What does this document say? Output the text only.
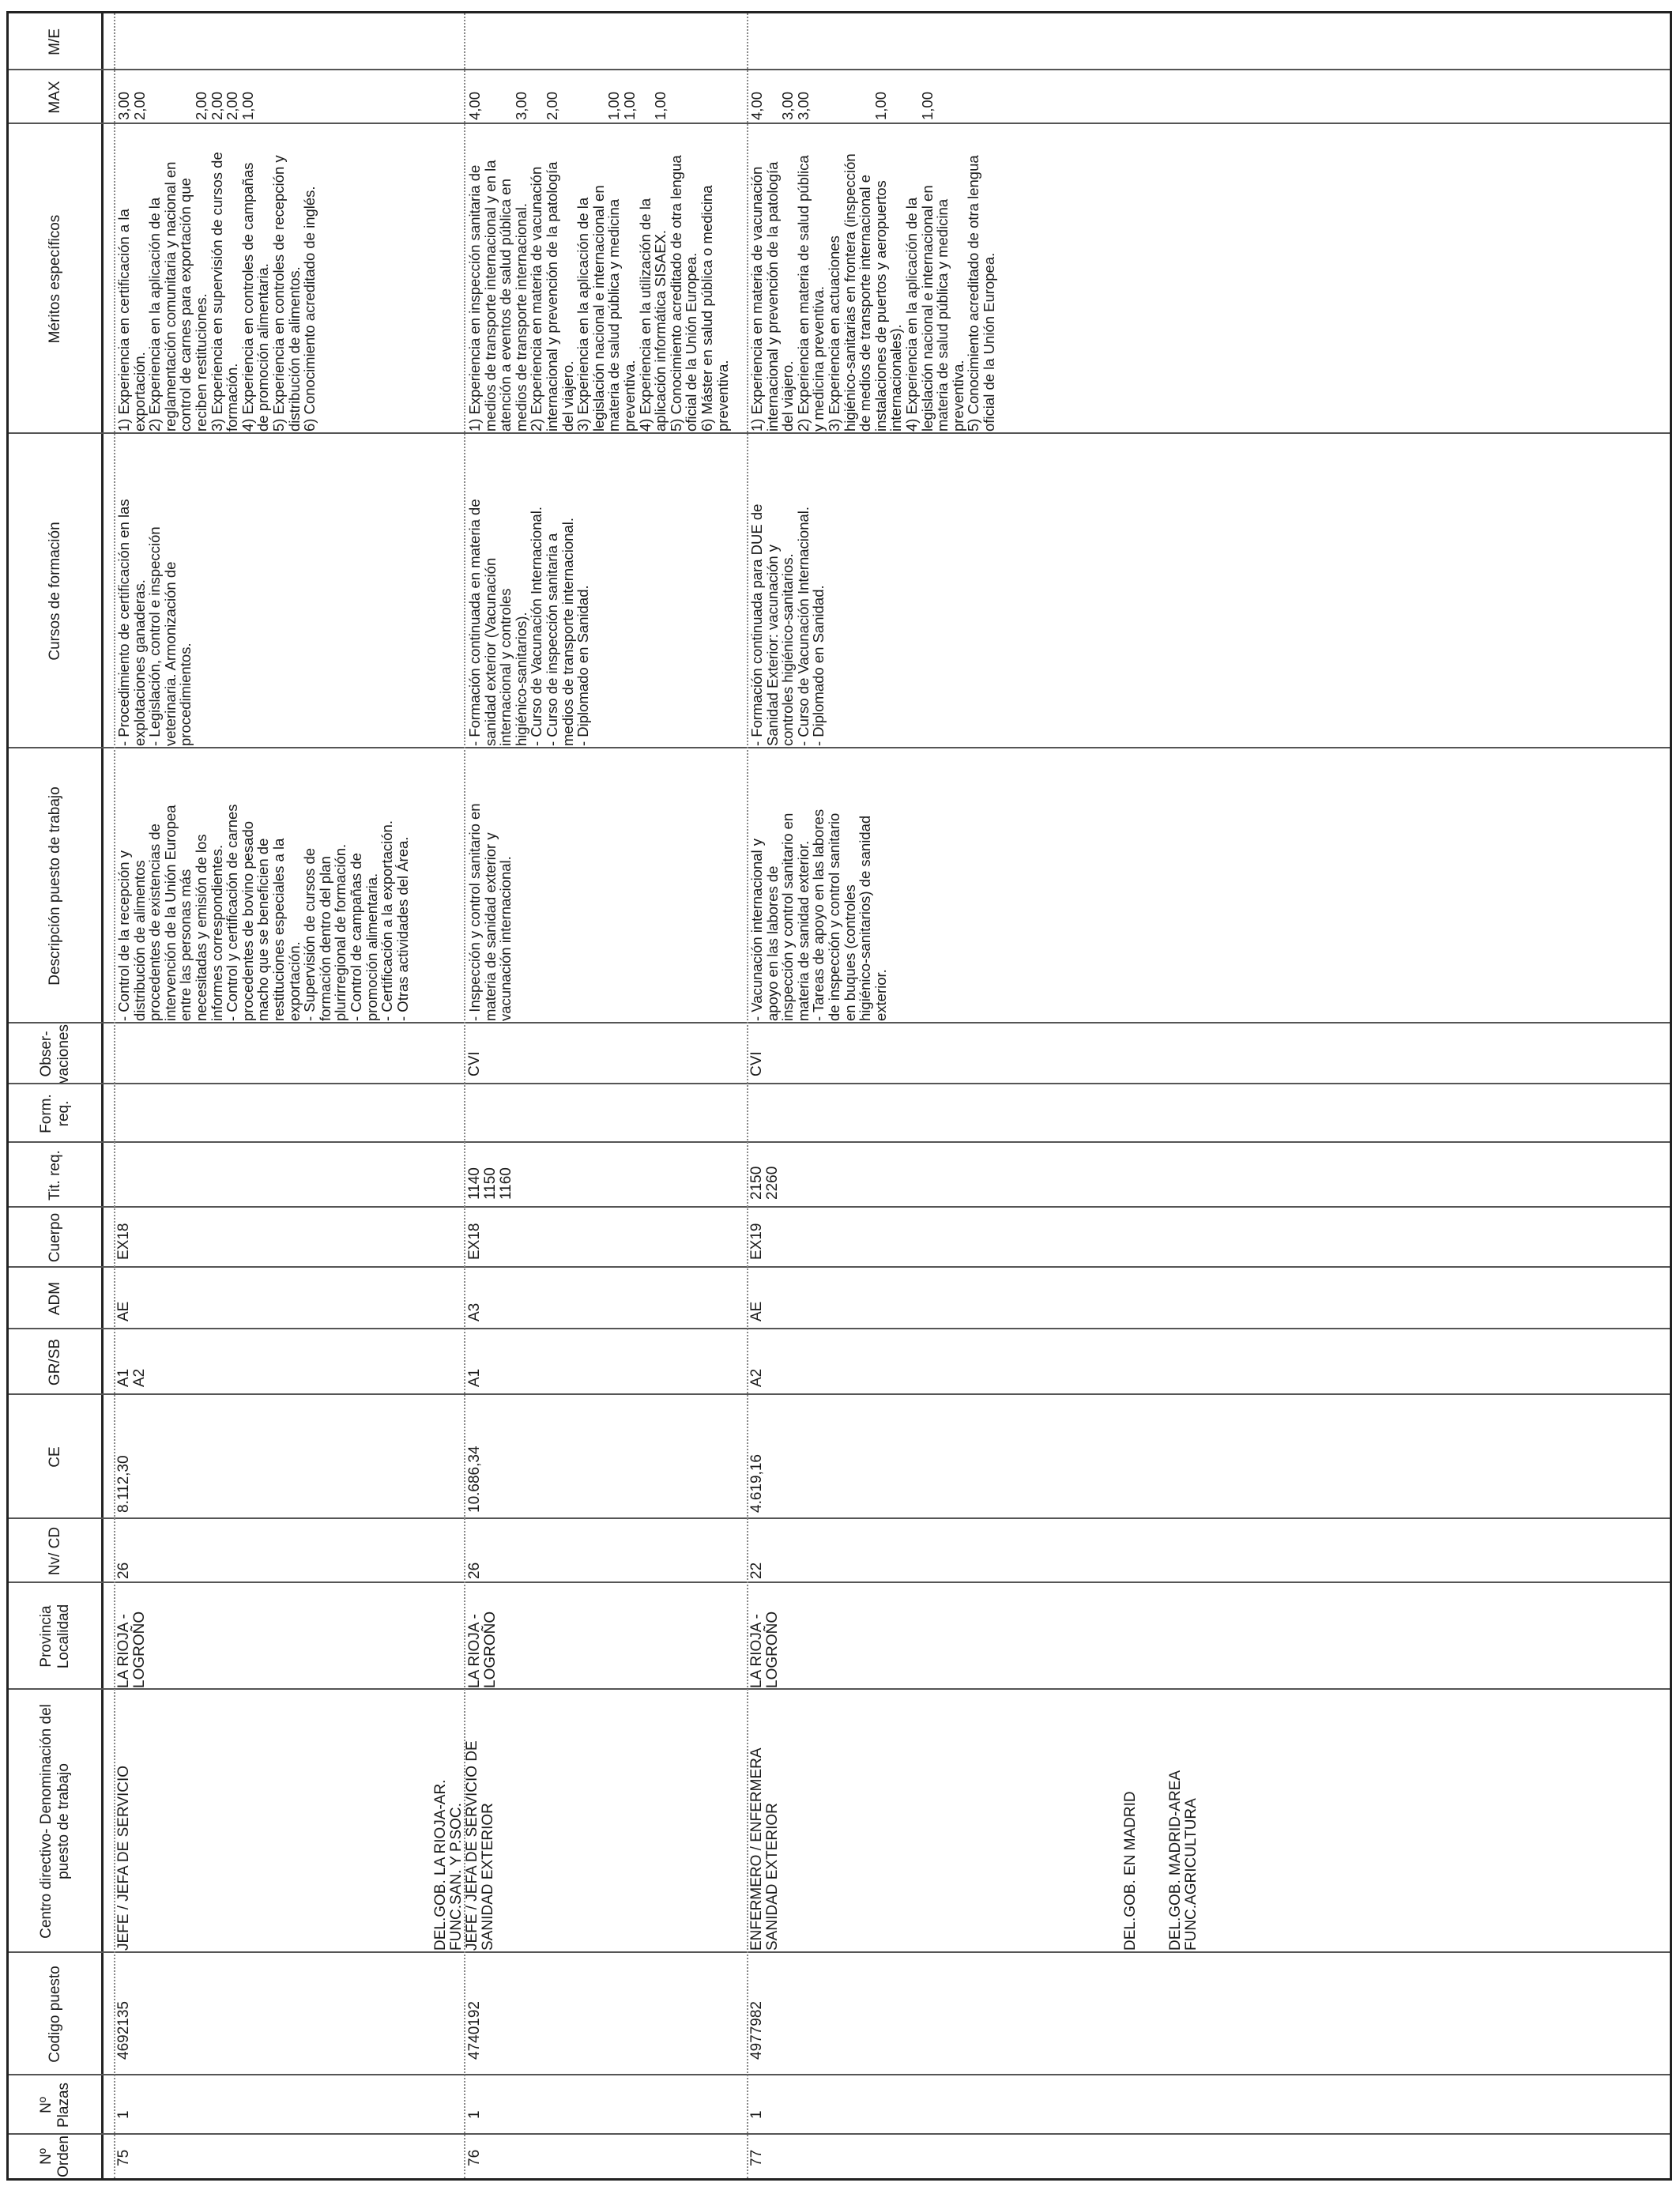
Nº Orden
Nº Plazas
Codigo puesto
Centro directivo- Denominación del puesto de trabajo
Provincia Localidad
Nv/ CD
CE
GR/SB
ADM
Cuerpo
Tit. req.
Form. req.
Obser- vaciones
Descripción puesto de trabajo
Cursos de formación
Méritos específicos
MAX
M/E
75
1
4692135
JEFE / JEFA DE SERVICIO
LA RIOJA -
LOGROÑO
26
8.112,30
A1
A2
AE
EX18
- Control de la recepción y
distribución de alimentos
procedentes de existencias de
intervención de la Unión Europea
entre las personas más
necesitadas y emisión de los
informes correspondientes.
- Control y certificación de carnes
procedentes de bovino pesado
macho que se beneficien de
restituciones especiales a la
exportación.
- Supervisión de cursos de
formación dentro del plan
plurirregional de formación.
- Control de campañas de
promoción alimentaria.
- Certificación a la exportación.
- Otras actividades del Área.
- Procedimiento de certificación en las
explotaciones ganaderas.
- Legislación, control e inspección
veterinaria. Armonización de
procedimientos.
1) Experiencia en certificación a la
exportación.
2) Experiencia en la aplicación de la
reglamentación comunitaria y nacional en
control de carnes para exportación que
reciben restituciones.
3) Experiencia en supervisión de cursos de
formación.
4) Experiencia en controles de campañas
de promoción alimentaria.
5) Experiencia en controles de recepción y
distribución de alimentos.
6) Conocimiento acreditado de inglés.
3,00
2,00

2,00
2,00
2,00
1,00
DEL.GOB. LA RIOJA-AR.
FUNC.SAN. Y P.SOC.
JEFE / JEFA DE SERVICIO DE
SANIDAD EXTERIOR
76
1
4740192
LA RIOJA -
LOGROÑO
26
10.686,34
A1
A3
EX18
1140
1150
1160
CVI
- Inspección y control sanitario en
materia de sanidad exterior y
vacunación internacional.
- Formación continuada en materia de
sanidad exterior (Vacunación
internacional y controles
higiénico-sanitarios).
- Curso de Vacunación Internacional.
- Curso de inspección sanitaria a
medios de transporte internacional.
- Diplomado en Sanidad.
1) Experiencia en inspección sanitaria de
medios de transporte internacional y en la
atención a eventos de salud pública en
medios de transporte internacional.
2) Experiencia en materia de vacunación
internacional y prevención de la patología
del viajero.
3) Experiencia en la aplicación de la
legislación nacional e internacional en
materia de salud pública y medicina
preventiva.
4) Experiencia en la utilización de la
aplicación informática SISAEX.
5) Conocimiento acreditado de otra lengua
oficial de la Unión Europea.
6) Máster en salud pública o medicina
preventiva.
4,00

3,00

2,00

1,00
1,00

1,00
77
1
4977982
ENFERMERO / ENFERMERA
SANIDAD EXTERIOR
LA RIOJA -
LOGROÑO
22
4.619,16
A2
AE
EX19
2150
2260
CVI
- Vacunación internacional y
apoyo en las labores de
inspección y control sanitario en
materia de sanidad exterior.
- Tareas de apoyo en las labores
de inspección y control sanitario
en buques (controles
higiénico-sanitarios) de sanidad
exterior.
- Formación continuada para DUE de
Sanidad Exterior: vacunación y
controles higiénico-sanitarios.
- Curso de Vacunación Internacional.
- Diplomado en Sanidad.
1) Experiencia en materia de vacunación
internacional y prevención de la patología
del viajero.
2) Experiencia en materia de salud pública
y medicina preventiva.
3) Experiencia en actuaciones
higiénico-sanitarias en frontera (inspección
de medios de transporte internacional e
instalaciones de puertos y aeropuertos
internacionales).
4) Experiencia en la aplicación de la
legislación nacional e internacional en
materia de salud pública y medicina
preventiva.
5) Conocimiento acreditado de otra lengua
oficial de la Unión Europea.
4,00

3,00
3,00

1,00

1,00
DEL.GOB. EN MADRID DEL.GOB. MADRID-AREA
FUNC.AGRICULTURA
